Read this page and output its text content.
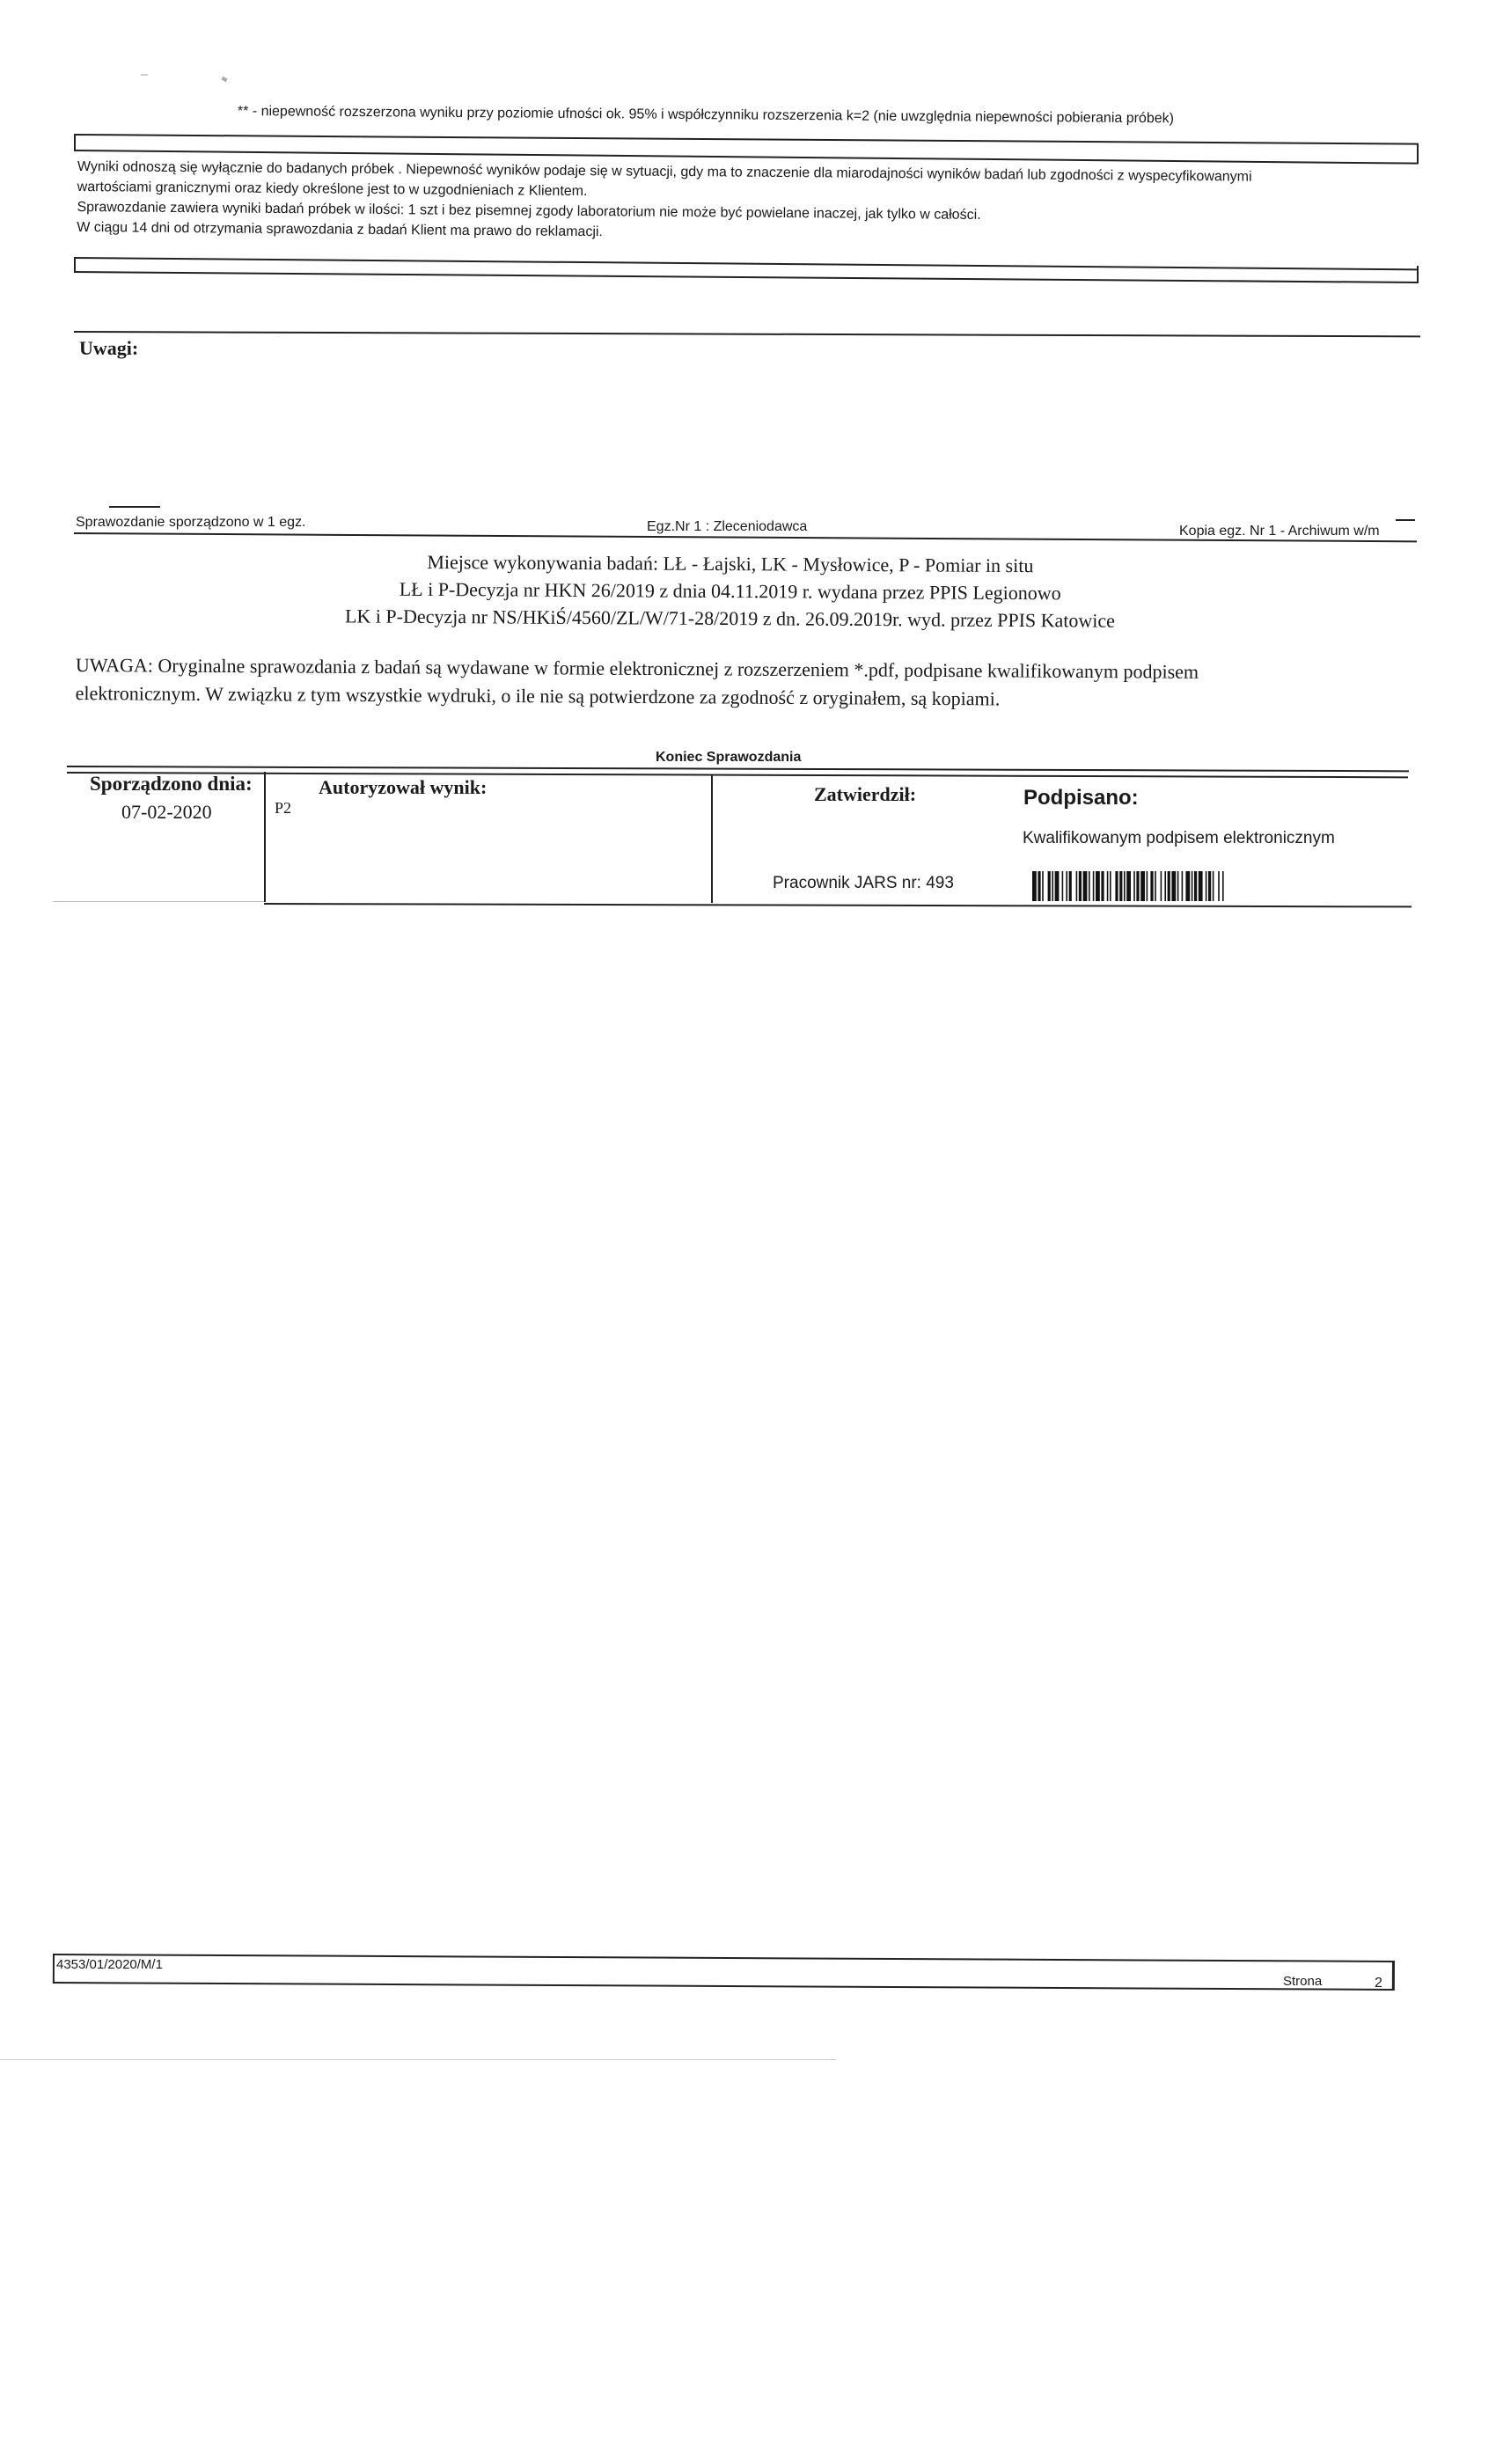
** - niepewność rozszerzona wyniku przy poziomie ufności ok. 95% i współczynniku rozszerzenia k=2 (nie uwzględnia niepewności pobierania próbek)
Wyniki odnoszą się wyłącznie do badanych próbek . Niepewność wyników podaje się w sytuacji, gdy ma to znaczenie dla miarodajności wyników badań lub zgodności z wyspecyfikowanymi
wartościami granicznymi oraz kiedy określone jest to w uzgodnieniach z Klientem.
Sprawozdanie zawiera wyniki badań próbek w ilości: 1 szt i bez pisemnej zgody laboratorium nie może być powielane inaczej, jak tylko w całości.
W ciągu 14 dni od otrzymania sprawozdania z badań Klient ma prawo do reklamacji.
Uwagi:
Sprawozdanie sporządzono w 1 egz.	Egz.Nr 1 : Zleceniodawca	Kopia egz. Nr 1 - Archiwum w/m
Miejsce wykonywania badań: LŁ - Łajski, LK - Mysłowice, P - Pomiar in situ
LŁ i P-Decyzja nr HKN 26/2019 z dnia 04.11.2019 r. wydana przez PPIS Legionowo
LK i P-Decyzja nr NS/HKiŚ/4560/ZL/W/71-28/2019 z dn. 26.09.2019r. wyd. przez PPIS Katowice
UWAGA: Oryginalne sprawozdania z badań są wydawane w formie elektronicznej z rozszerzeniem *.pdf, podpisane kwalifikowanym podpisem
elektronicznym. W związku z tym wszystkie wydruki, o ile nie są potwierdzone za zgodność z oryginałem, są kopiami.
Koniec Sprawozdania
Sporządzono dnia:
07-02-2020
Autoryzował wynik:
P2
Zatwierdził:	Podpisano:
Kwalifikowanym podpisem elektronicznym
Pracownik JARS nr: 493
4353/01/2020/M/1
Strona	2
